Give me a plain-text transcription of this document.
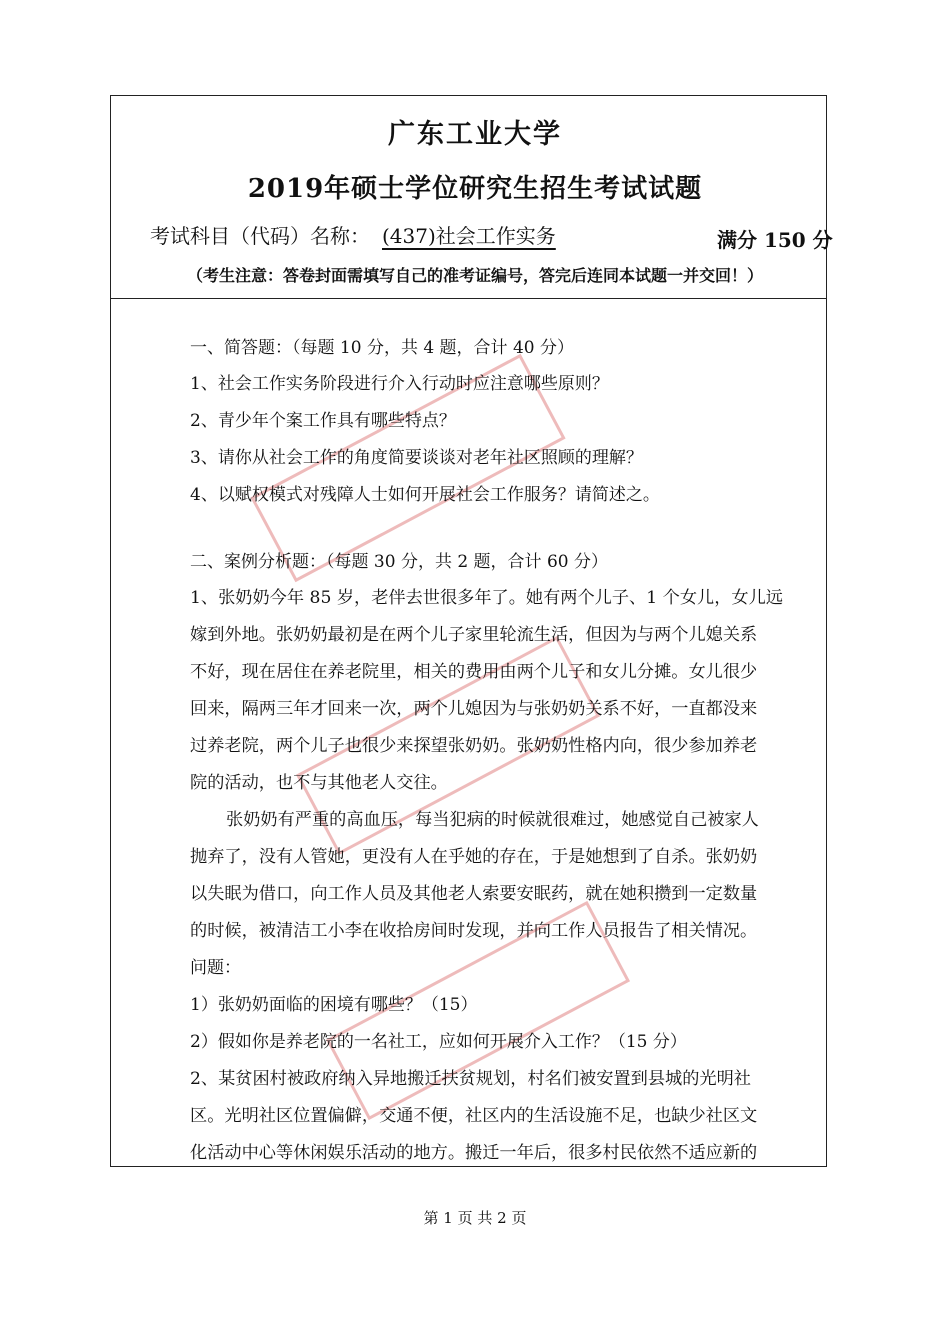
广东工业大学
2019年硕士学位研究生招生考试试题
考试科目（代码）名称： (437)社会工作实务	满分 150 分
（考生注意：答卷封面需填写自己的准考证编号，答完后连同本试题一并交回！）
一、简答题：（每题 10 分，共 4 题，合计 40 分）
1、社会工作实务阶段进行介入行动时应注意哪些原则？
2、青少年个案工作具有哪些特点？
3、请你从社会工作的角度简要谈谈对老年社区照顾的理解？
4、以赋权模式对残障人士如何开展社会工作服务？请简述之。
二、案例分析题：（每题 30 分，共 2 题，合计 60 分）
1、张奶奶今年 85 岁，老伴去世很多年了。她有两个儿子、1 个女儿，女儿远
嫁到外地。张奶奶最初是在两个儿子家里轮流生活，但因为与两个儿媳关系
不好，现在居住在养老院里，相关的费用由两个儿子和女儿分摊。女儿很少
回来，隔两三年才回来一次，两个儿媳因为与张奶奶关系不好，一直都没来
过养老院，两个儿子也很少来探望张奶奶。张奶奶性格内向，很少参加养老
院的活动，也不与其他老人交往。
张奶奶有严重的高血压，每当犯病的时候就很难过，她感觉自己被家人
抛弃了，没有人管她，更没有人在乎她的存在，于是她想到了自杀。张奶奶
以失眠为借口，向工作人员及其他老人索要安眠药，就在她积攒到一定数量
的时候，被清洁工小李在收拾房间时发现，并向工作人员报告了相关情况。
问题：
1）张奶奶面临的困境有哪些？（15）
2）假如你是养老院的一名社工，应如何开展介入工作？（15 分）
2、某贫困村被政府纳入异地搬迁扶贫规划，村名们被安置到县城的光明社
区。光明社区位置偏僻，交通不便，社区内的生活设施不足，也缺少社区文
化活动中心等休闲娱乐活动的地方。搬迁一年后，很多村民依然不适应新的
第 1 页 共 2 页
